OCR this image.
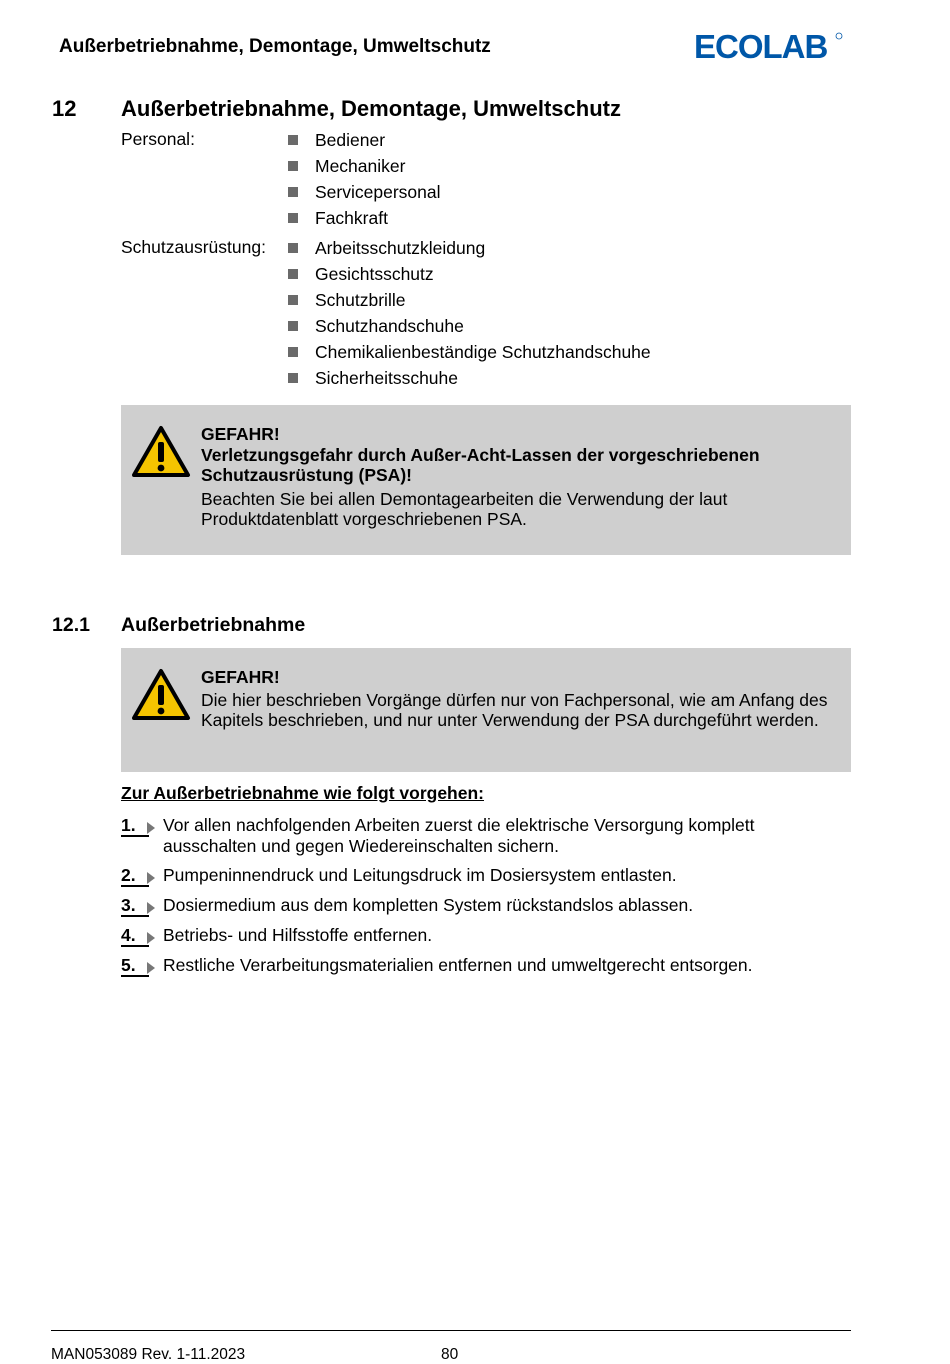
Außerbetriebnahme, Demontage, Umweltschutz	ECOLAB
12 Außerbetriebnahme, Demontage, Umweltschutz
Personal:	Bediener
Mechaniker
Servicepersonal
Fachkraft
Schutzausrüstung:	Arbeitsschutzkleidung
Gesichtsschutz
Schutzbrille
Schutzhandschuhe
Chemikalienbeständige Schutzhandschuhe
Sicherheitsschuhe
GEFAHR!
Verletzungsgefahr durch Außer-Acht-Lassen der vorgeschriebenen Schutzausrüstung (PSA)!
Beachten Sie bei allen Demontagearbeiten die Verwendung der laut Produktdatenblatt vorgeschriebenen PSA.
12.1 Außerbetriebnahme
GEFAHR!
Die hier beschrieben Vorgänge dürfen nur von Fachpersonal, wie am Anfang des Kapitels beschrieben, und nur unter Verwendung der PSA durchgeführt werden.
Zur Außerbetriebnahme wie folgt vorgehen:
1. Vor allen nachfolgenden Arbeiten zuerst die elektrische Versorgung komplett ausschalten und gegen Wiedereinschalten sichern.
2. Pumpeninnendruck und Leitungsdruck im Dosiersystem entlasten.
3. Dosiermedium aus dem kompletten System rückstandslos ablassen.
4. Betriebs- und Hilfsstoffe entfernen.
5. Restliche Verarbeitungsmaterialien entfernen und umweltgerecht entsorgen.
MAN053089 Rev. 1-11.2023	80
